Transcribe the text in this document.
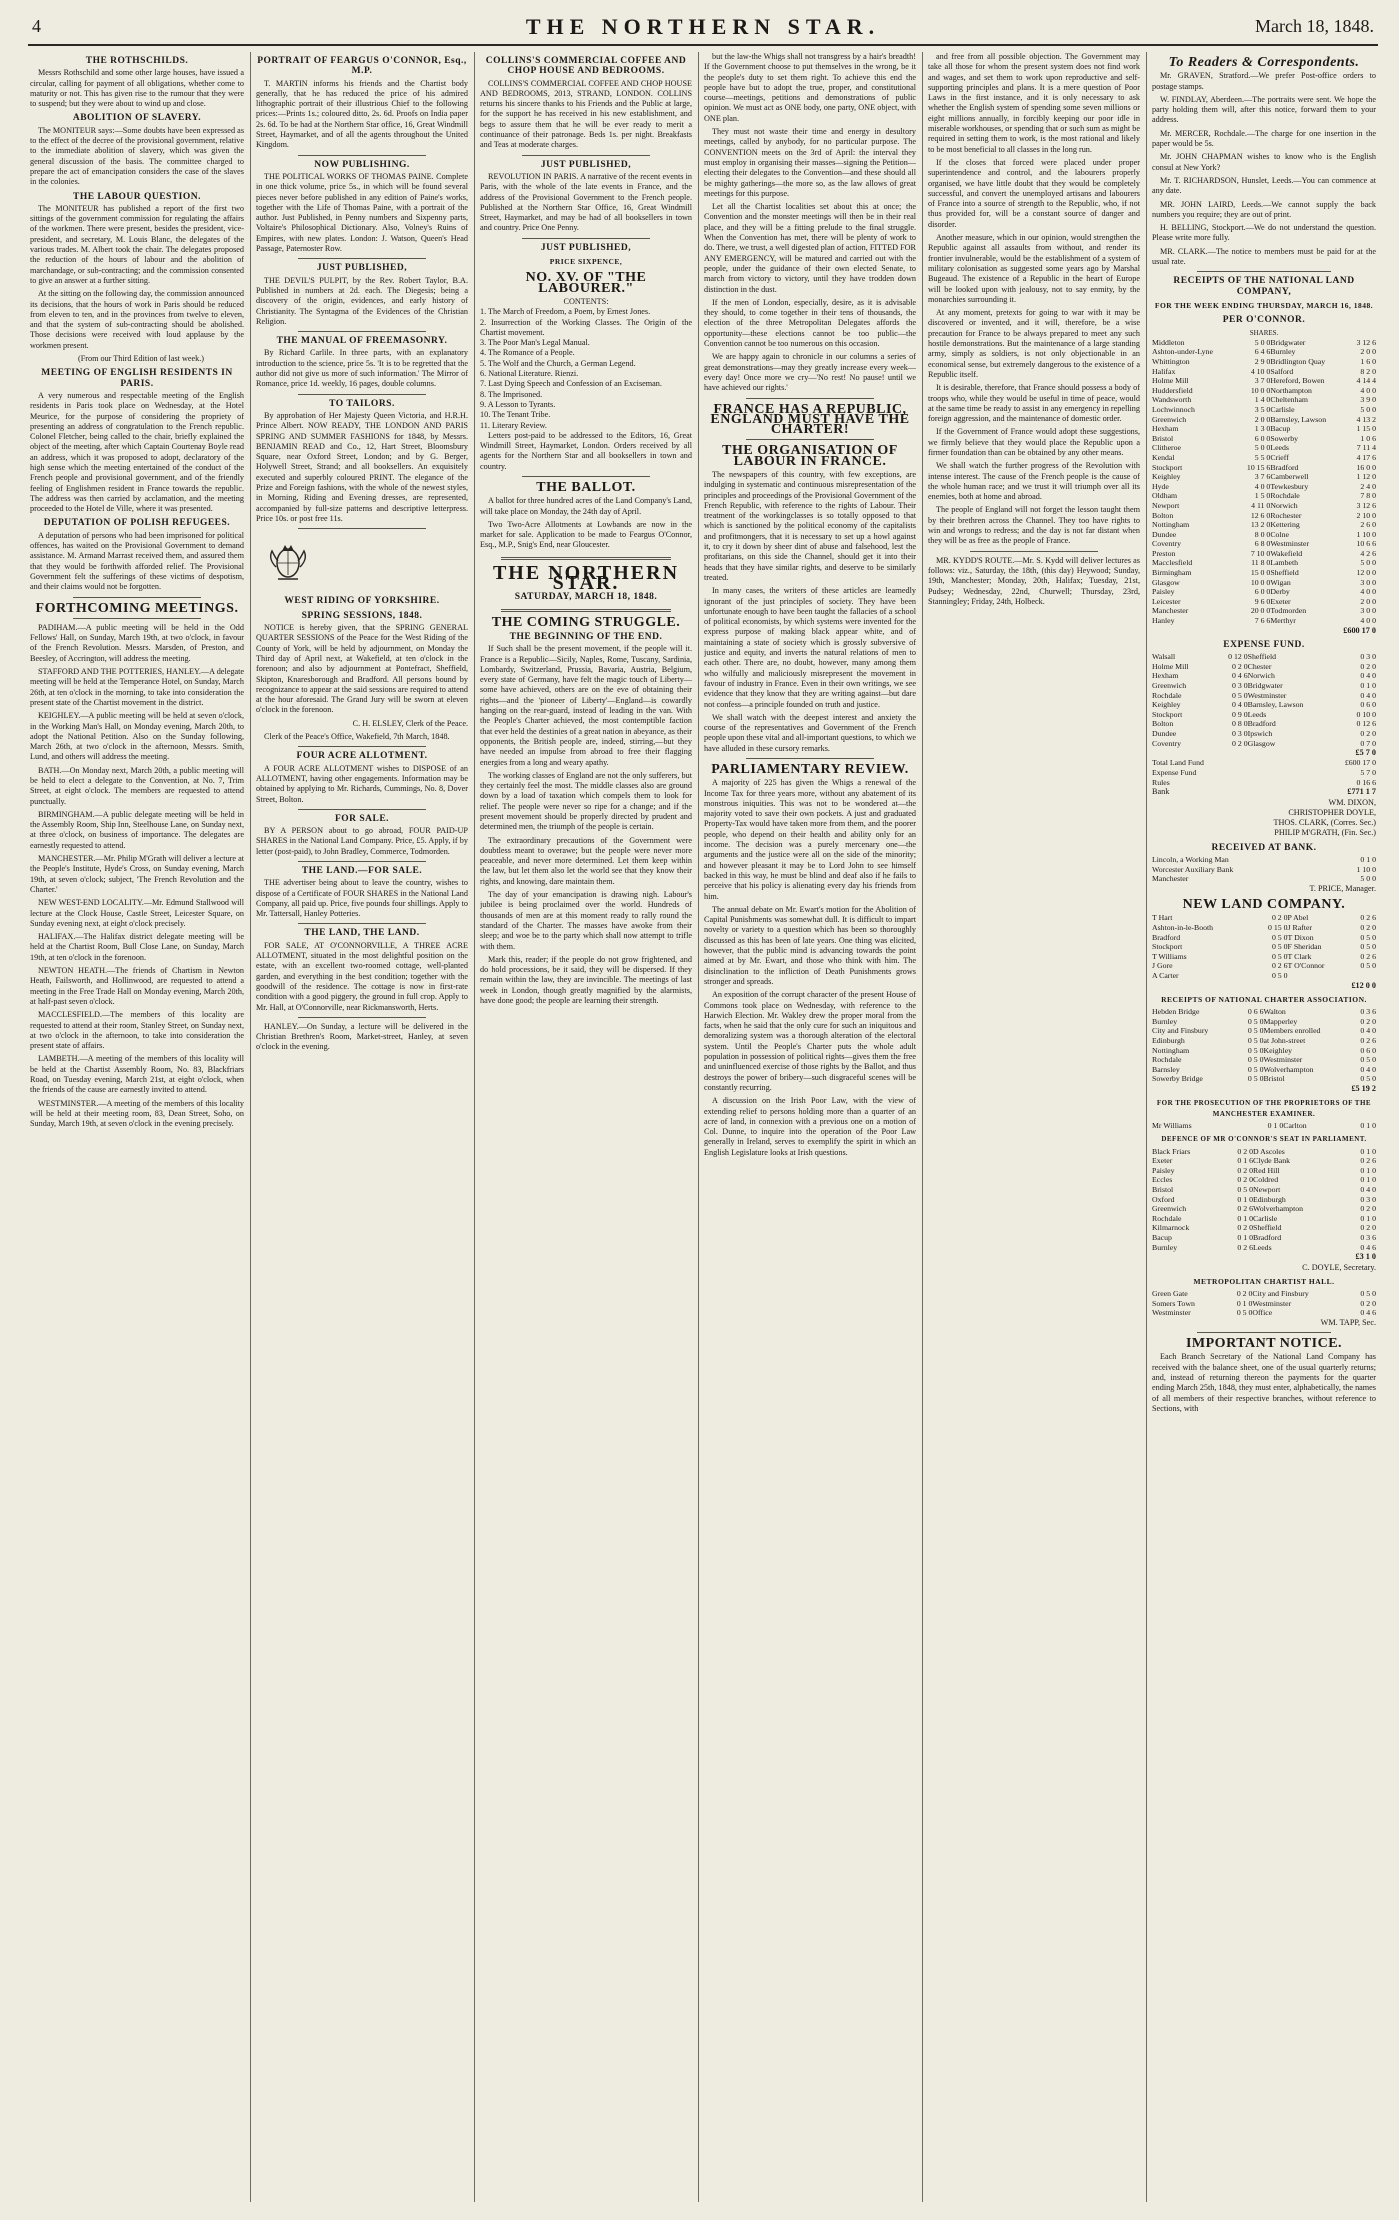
4	THE NORTHERN STAR.	March 18, 1848.
THE ROTHSCHILDS.

Messrs Rothschild and some other large houses, have issued a circular, calling for payment of all obligations, whether come to maturity or not. This has given rise to the rumour that they were to suspend; but they were about to wind up and close.

ABOLITION OF SLAVERY.

The MONITEUR says:—Some doubts have been expressed as to the effect of the decree of the provisional government, relative to the immediate abolition of slavery, which was given the general discussion of the basis. The committee charged to prepare the act of emancipation considers the case of the slaves in the colonies.

THE LABOUR QUESTION.

The MONITEUR has published a report of the first two sittings of the government commission for regulating the affairs of the workmen. There were present, besides the president, vice-president, and secretary, M. Louis Blanc, the delegates of the various trades. M. Albert took the chair. The delegates proposed the reduction of the hours of labour and the abolition of marchandage, or sub-contracting; and the commission consented to give an answer at a further sitting.

At the sitting on the following day, the commission announced its decisions, that the hours of work in Paris should be reduced from eleven to ten, and in the provinces from twelve to eleven, and that the system of sub-contracting should be abolished. Those decisions were received with loud applause by the workmen present.

(From our Third Edition of last week.)

MEETING OF ENGLISH RESIDENTS IN PARIS.

A very numerous and respectable meeting of the English residents in Paris took place on Wednesday, at the Hotel Meurice, for the purpose of considering the propriety of presenting an address of congratulation to the French republic. Colonel Fletcher, being called to the chair, briefly explained the object of the meeting, after which Captain Courtenay Boyle read an address, which it was proposed to adopt, declaratory of the high sense which the meeting entertained of the conduct of the French people and provisional government, and of the friendly feeling of Englishmen resident in France towards the republic. The address was then carried by acclamation, and the meeting proceeded to the Hotel de Ville, where it was presented.

DEPUTATION OF POLISH REFUGEES.

A deputation of persons who had been imprisoned for political offences, has waited on the Provisional Government to demand assistance. M. Armand Marrast received them, and assured them that they would be forthwith afforded relief. The Provisional Government felt the sufferings of these victims of despotism, and their claims would not be forgotten.

FORTHCOMING MEETINGS.

PADIHAM.—A public meeting will be held in the Odd Fellows' Hall, on Sunday, March 19th, at two o'clock, in favour of the French Revolution. Messrs. Marsden, of Preston, and Beesley, of Accrington, will address the meeting.

STAFFORD AND THE POTTERIES, HANLEY.—A delegate meeting will be held at the Temperance Hotel, on Sunday, March 26th, at ten o'clock in the morning, to take into consideration the present state of the Chartist movement in the district.

KEIGHLEY.—A public meeting will be held at seven o'clock, in the Working Man's Hall, on Monday evening, March 20th, to adopt the National Petition. Also on the Sunday following, March 26th, at two o'clock in the afternoon, Messrs. Smith, Lund, and others will address the meeting.

BATH.—On Monday next, March 20th, a public meeting will be held to elect a delegate to the Convention, at No. 7, Trim Street, at eight o'clock. The members are requested to attend punctually.

BIRMINGHAM.—A public delegate meeting will be held in the Assembly Room, Ship Inn, Steelhouse Lane, on Sunday next, at three o'clock, on business of importance. The delegates are earnestly requested to attend.

MANCHESTER.—Mr. Philip M'Grath will deliver a lecture at the People's Institute, Hyde's Cross, on Sunday evening, March 19th, at seven o'clock; subject, 'The French Revolution and the Charter.'

NEW WEST-END LOCALITY.—Mr. Edmund Stallwood will lecture at the Clock House, Castle Street, Leicester Square, on Sunday evening next, at eight o'clock precisely.

HALIFAX.—The Halifax district delegate meeting will be held at the Chartist Room, Bull Close Lane, on Sunday, March 19th, at ten o'clock in the forenoon.

NEWTON HEATH.—The friends of Chartism in Newton Heath, Failsworth, and Hollinwood, are requested to attend a meeting in the Free Trade Hall on Monday evening, March 20th, at half-past seven o'clock.

MACCLESFIELD.—The members of this locality are requested to attend at their room, Stanley Street, on Sunday next, at two o'clock in the afternoon, to take into consideration the present state of affairs.

LAMBETH.—A meeting of the members of this locality will be held at the Chartist Assembly Room, No. 83, Blackfriars Road, on Tuesday evening, March 21st, at eight o'clock, when the friends of the cause are earnestly invited to attend.

WESTMINSTER.—A meeting of the members of this locality will be held at their meeting room, 83, Dean Street, Soho, on Sunday, March 19th, at seven o'clock in the evening precisely.

PORTRAIT OF FEARGUS O'CONNOR, Esq., M.P.

T. MARTIN informs his friends and the Chartist body generally, that he has reduced the price of his admired lithographic portrait of their illustrious Chief to the following prices:—Prints 1s.; coloured ditto, 2s. 6d. Proofs on India paper 2s. 6d. To be had at the Northern Star office, 16, Great Windmill Street, Haymarket, and of all the agents throughout the United Kingdom.

NOW PUBLISHING.

THE POLITICAL WORKS OF THOMAS PAINE. Complete in one thick volume, price 5s., in which will be found several pieces never before published in any edition of Paine's works, together with the Life of Thomas Paine, with a portrait of the author. Just Published, in Penny numbers and Sixpenny parts, Voltaire's Philosophical Dictionary. Also, Volney's Ruins of Empires, with new plates. London: J. Watson, Queen's Head Passage, Paternoster Row.

JUST PUBLISHED,

THE DEVIL'S PULPIT, by the Rev. Robert Taylor, B.A. Published in numbers at 2d. each. The Diegesis; being a discovery of the origin, evidences, and early history of Christianity. The Syntagma of the Evidences of the Christian Religion.

THE MANUAL OF FREEMASONRY.

By Richard Carlile. In three parts, with an explanatory introduction to the science, price 5s. 'It is to be regretted that the author did not give us more of such information.' The Mirror of Romance, price 1d. weekly, 16 pages, double columns.

TO TAILORS.

By approbation of Her Majesty Queen Victoria, and H.R.H. Prince Albert. NOW READY, THE LONDON AND PARIS SPRING AND SUMMER FASHIONS for 1848, by Messrs. BENJAMIN READ and Co., 12, Hart Street, Bloomsbury Square, near Oxford Street, London; and by G. Berger, Holywell Street, Strand; and all booksellers. An exquisitely executed and superbly coloured PRINT. The elegance of the Prize and Foreign fashions, with the whole of the newest styles, in Morning, Riding and Evening dresses, are represented, accompanied by full-size patterns and descriptive letterpress. Price 10s. or post free 11s.

WEST RIDING OF YORKSHIRE.
SPRING SESSIONS, 1848.

NOTICE is hereby given, that the SPRING GENERAL QUARTER SESSIONS of the Peace for the West Riding of the County of York, will be held by adjournment, on Monday the Third day of April next, at Wakefield, at ten o'clock in the forenoon; and also by adjournment at Pontefract, Sheffield, Skipton, Knaresborough and Bradford. All persons bound by recognizance to appear at the said sessions are required to attend at the hour aforesaid. The Grand Jury will be sworn at eleven o'clock in the forenoon.

C. H. ELSLEY, Clerk of the Peace.

Clerk of the Peace's Office, Wakefield, 7th March, 1848.

FOUR ACRE ALLOTMENT.

A FOUR ACRE ALLOTMENT wishes to DISPOSE of an ALLOTMENT, having other engagements. Information may be obtained by applying to Mr. Richards, Cummings, No. 8, Dover Street, Bolton.

FOR SALE.

BY A PERSON about to go abroad, FOUR PAID-UP SHARES in the National Land Company. Price, £5. Apply, if by letter (post-paid), to John Bradley, Commerce, Todmorden.

THE LAND.—FOR SALE.

THE advertiser being about to leave the country, wishes to dispose of a Certificate of FOUR SHARES in the National Land Company, all paid up. Price, five pounds four shillings. Apply to Mr. Tattersall, Hanley Potteries.

THE LAND, THE LAND.

FOR SALE, AT O'CONNORVILLE, A THREE ACRE ALLOTMENT, situated in the most delightful position on the estate, with an excellent two-roomed cottage, well-planted garden, and everything in the best condition; together with the goodwill of the residence. The cottage is now in first-rate condition with a good piggery, the ground in full crop. Apply to Mr. Hall, at O'Connorville, near Rickmansworth, Herts.

HANLEY.—On Sunday, a lecture will be delivered in the Christian Brethren's Room, Market-street, Hanley, at seven o'clock in the evening.

COLLINS'S COMMERCIAL COFFEE AND CHOP HOUSE AND BEDROOMS.

COLLINS'S COMMERCIAL COFFEE AND CHOP HOUSE AND BEDROOMS, 2013, STRAND, LONDON. COLLINS returns his sincere thanks to his Friends and the Public at large, for the support he has received in his new establishment, and begs to assure them that he will be ever ready to merit a continuance of their patronage. Beds 1s. per night. Breakfasts and Teas at moderate charges.

JUST PUBLISHED,

REVOLUTION IN PARIS. A narrative of the recent events in Paris, with the whole of the late events in France, and the address of the Provisional Government to the French people. Published at the Northern Star Office, 16, Great Windmill Street, Haymarket, and may be had of all booksellers in town and country. Price One Penny.

JUST PUBLISHED,
PRICE SIXPENCE,
NO. XV. OF "THE LABOURER."
CONTENTS:
1. The March of Freedom, a Poem, by Ernest Jones.
2. Insurrection of the Working Classes. The Origin of the Chartist movement.
3. The Poor Man's Legal Manual.
4. The Romance of a People.
5. The Wolf and the Church, a German Legend.
6. National Literature. Rienzi.
7. Last Dying Speech and Confession of an Exciseman.
8. The Imprisoned.
9. A Lesson to Tyrants.
10. The Tenant Tribe.
11. Literary Review.

Letters post-paid to be addressed to the Editors, 16, Great Windmill Street, Haymarket, London. Orders received by all agents for the Northern Star and all booksellers in town and country.

THE BALLOT.

A ballot for three hundred acres of the Land Company's Land, will take place on Monday, the 24th day of April.

Two Two-Acre Allotments at Lowbands are now in the market for sale. Application to be made to Feargus O'Connor, Esq., M.P., Snig's End, near Gloucester.

THE NORTHERN STAR.
SATURDAY, MARCH 18, 1848.
THE COMING STRUGGLE.
THE BEGINNING OF THE END.

If Such shall be the present movement, if the people will it. France is a Republic—Sicily, Naples, Rome, Tuscany, Sardinia, Lombardy, Switzerland, Prussia, Bavaria, Austria, Belgium, every state of Germany, have felt the magic touch of Liberty—some have achieved, others are on the eve of obtaining their rights—and the 'pioneer of Liberty'—England—is cowardly hanging on the rear-guard, instead of leading in the van. With the People's Charter achieved, the most contemptible faction that ever held the destinies of a great nation in abeyance, as their opponents, the British people are, indeed, stirring,—but they have needed an impulse from abroad to free their flagging energies from a long and weary apathy.

The working classes of England are not the only sufferers, but they certainly feel the most. The middle classes also are ground down by a load of taxation which compels them to look for relief. The people were never so ripe for a change; and if the present movement should be properly directed by prudent and determined men, the triumph of the people is certain.

The extraordinary precautions of the Government were doubtless meant to overawe; but the people were never more peaceable, and never more determined. Let them keep within the law, but let them also let the world see that they know their rights, and knowing, dare maintain them.

The day of your emancipation is drawing nigh. Labour's jubilee is being proclaimed over the world. Hundreds of thousands of men are at this moment ready to rally round the standard of the Charter. The masses have awoke from their sleep; and woe be to the party which shall now attempt to trifle with them.

Mark this, reader; if the people do not grow frightened, and do hold processions, be it said, they will be dispersed. If they remain within the law, they are invincible. The meetings of last week in London, though greatly magnified by the alarmists, have done good; the people are learning their strength.

but the law-the Whigs shall not transgress by a hair's breadth! If the Government choose to put themselves in the wrong, be it the people's duty to set them right. To achieve this end the people have but to adopt the true, proper, and constitutional course—meetings, petitions and demonstrations of public opinion. We must act as ONE body, one party, ONE object, with ONE plan.

They must not waste their time and energy in desultory meetings, called by anybody, for no particular purpose. The CONVENTION meets on the 3rd of April: the interval they must employ in organising their masses—signing the Petition—electing their delegates to the Convention—and these should all be mighty gatherings—the more so, as the law allows of great meetings for this purpose.

Let all the Chartist localities set about this at once; the Convention and the monster meetings will then be in their real place, and they will be a fitting prelude to the final struggle. When the Convention has met, there will be plenty of work to do. There, we trust, a well digested plan of action, FITTED FOR ANY EMERGENCY, will be matured and carried out with the people, under the guidance of their own elected Senate, to march from victory to victory, until they have trodden down distinction in the dust.

If the men of London, especially, desire, as it is advisable they should, to come together in their tens of thousands, the election of the three Metropolitan Delegates affords the opportunity—these elections cannot be too public—the Convention cannot be too numerous on this occasion.

We are happy again to chronicle in our columns a series of great demonstrations—may they greatly increase every week—every day! Once more we cry—'No rest! No pause! until we have achieved our rights.'

FRANCE HAS A REPUBLIC, ENGLAND MUST HAVE THE CHARTER!
THE ORGANISATION OF LABOUR IN FRANCE.

The newspapers of this country, with few exceptions, are indulging in systematic and continuous misrepresentation of the principles and proceedings of the Provisional Government of the French Republic, with reference to the rights of Labour. Their treatment of the workingclasses is so totally opposed to that which is sanctioned by the political economy of the capitalists and profitmongers, that it is necessary to set up a howl against it, to cry it down by sheer dint of abuse and falsehood, lest the profitarians, on this side the Channel, should get it into their heads that they have similar rights, and deserve to be similarly treated.

In many cases, the writers of these articles are learnedly ignorant of the just principles of society. They have been unfortunate enough to have been taught the fallacies of a school of political economists, by which systems were invented for the express purpose of making black appear white, and of maintaining a state of society which is grossly subversive of justice and equity, and inverts the natural relations of men to each other. There are, no doubt, however, many among them who wilfully and maliciously misrepresent the movement in favour of industry in France. Even in their own writings, we see evidence that they know that they are writing against—but dare not confess—a principle founded on truth and justice.

We shall watch with the deepest interest and anxiety the course of the representatives and Government of the French people upon these vital and all-important questions, to which we have alluded in these cursory remarks.

PARLIAMENTARY REVIEW.

A majority of 225 has given the Whigs a renewal of the Income Tax for three years more, without any abatement of its monstrous iniquities. This was not to be wondered at—the majority voted to save their own pockets. A just and graduated Property-Tax would have taken more from them, and the poorer people, who depend on their health and ability only for an income. The decision was a purely mercenary one—the arguments and the justice were all on the side of the minority; and however pleasant it may be to Lord John to see himself backed in this way, he must be blind and deaf also if he fails to perceive that his policy is alienating every day his friends from him.

The annual debate on Mr. Ewart's motion for the Abolition of Capital Punishments was somewhat dull. It is difficult to impart novelty or variety to a question which has been so thoroughly discussed as this has been of late years. One thing was elicited, however, that the public mind is advancing towards the point aimed at by Mr. Ewart, and those who think with him. The disinclination to the infliction of Death Punishments grows stronger and spreads.

An exposition of the corrupt character of the present House of Commons took place on Wednesday, with reference to the Harwich Election. Mr. Wakley drew the proper moral from the facts, when he said that the only cure for such an iniquitous and demoralizing system was a thorough alteration of the electoral system. Until the People's Charter puts the whole adult population in possession of political rights—gives them the free and uninfluenced exercise of those rights by the Ballot, and thus destroys the power of bribery—such disgraceful scenes will be constantly recurring.

A discussion on the Irish Poor Law, with the view of extending relief to persons holding more than a quarter of an acre of land, in connexion with a previous one on a motion of Col. Dunne, to inquire into the operation of the Poor Law generally in Ireland, serves to exemplify the spirit in which an English Legislature looks at Irish questions.

and free from all possible objection. The Government may take all those for whom the present system does not find work and wages, and set them to work upon reproductive and self-supporting principles and plans. It is a mere question of Poor Laws in the first instance, and it is only necessary to ask whether the English system of spending some seven millions or eight millions annually, in forcibly keeping our poor idle in miserable workhouses, or spending that or such sum as might be required in setting them to work, is the most rational and likely to be most beneficial to all classes in the long run.

If the closes that forced were placed under proper superintendence and control, and the labourers properly organised, we have little doubt that they would be completely successful, and convert the unemployed artisans and labourers of France into a source of strength to the Republic, who, if not thus provided for, will be a constant source of danger and disorder.

Another measure, which in our opinion, would strengthen the Republic against all assaults from without, and render its frontier invulnerable, would be the establishment of a system of military colonisation as suggested some years ago by Marshal Bugeaud. The existence of a Republic in the heart of Europe will be looked upon with jealousy, not to say enmity, by the monarchies surrounding it.

At any moment, pretexts for going to war with it may be discovered or invented, and it will, therefore, be a wise precaution for France to be always prepared to meet any such hostile demonstrations. But the maintenance of a large standing army, simply as soldiers, is not only objectionable in an economical sense, but extremely dangerous to the existence of a Republic itself.

It is desirable, therefore, that France should possess a body of troops who, while they would be useful in time of peace, would at the same time be ready to assist in any emergency in repelling foreign aggression, and the maintenance of domestic order.

If the Government of France would adopt these suggestions, we firmly believe that they would place the Republic upon a firmer foundation than can be obtained by any other means.

We shall watch the further progress of the Revolution with intense interest. The cause of the French people is the cause of the whole human race; and we trust it will triumph over all its enemies, both at home and abroad.

The people of England will not forget the lesson taught them by their brethren across the Channel. They too have rights to win and wrongs to redress; and the day is not far distant when they will be as free as the people of France.

MR. KYDD'S ROUTE.—Mr. S. Kydd will deliver lectures as follows: viz., Saturday, the 18th, (this day) Heywood; Sunday, 19th, Manchester; Monday, 20th, Halifax; Tuesday, 21st, Pudsey; Wednesday, 22nd, Churwell; Thursday, 23rd, Stanningley; Friday, 24th, Holbeck.

To Readers & Correspondents.

Mr. GRAVEN, Stratford.—We prefer Post-office orders to postage stamps.

W. FINDLAY, Aberdeen.—The portraits were sent. We hope the party holding them will, after this notice, forward them to your address.

Mr. MERCER, Rochdale.—The charge for one insertion in the paper would be 5s.

Mr. JOHN CHAPMAN wishes to know who is the English consul at New York?

Mr. T. RICHARDSON, Hunslet, Leeds.—You can commence at any date.

MR. JOHN LAIRD, Leeds.—We cannot supply the back numbers you require; they are out of print.

H. BELLING, Stockport.—We do not understand the question. Please write more fully.

MR. CLARK.—The notice to members must be paid for at the usual rate.

RECEIPTS OF THE NATIONAL LAND COMPANY,
FOR THE WEEK ENDING THURSDAY, MARCH 16, 1848.
PER O'CONNOR.
SHARES.
Middleton	5 0 0	Bridgwater	3 12 6
Ashton-under-Lyne	6 4 6	Burnley	2 0 0
Whittington	2 9 0	Bridlington Quay	1 6 0
Halifax	4 10 0	Salford	8 2 0
Holme Mill	3 7 0	Hereford, Bowen	4 14 4
Huddersfield	10 0 0	Northampton	4 0 0
Wandsworth	1 4 0	Cheltenham	3 9 0
Lochwinnoch	3 5 0	Carlisle	5 0 0
Greenwich	2 0 0	Barnsley, Lawson	4 13 2
Hexham	1 3 0	Bacup	1 15 0
Bristol	6 0 0	Sowerby	1 0 6
Clitheroe	5 0 0	Leeds	7 11 4
Kendal	5 5 0	Crieff	4 17 6
Stockport	10 15 6	Bradford	16 0 0
Keighley	3 7 6	Camberwell	1 12 0
Hyde	4 0 0	Tewkesbury	2 4 0
Oldham	1 5 0	Rochdale	7 8 0
Newport	4 11 0	Norwich	3 12 6
Bolton	12 6 0	Rochester	2 10 0
Nottingham	13 2 0	Kettering	2 6 0
Dundee	8 0 0	Colne	1 10 0
Coventry	6 8 0	Westminster	10 6 6
Preston	7 10 0	Wakefield	4 2 6
Macclesfield	11 8 0	Lambeth	5 0 0
Birmingham	15 0 0	Sheffield	12 0 0
Glasgow	10 0 0	Wigan	3 0 0
Paisley	6 0 0	Derby	4 0 0
Leicester	9 6 0	Exeter	2 0 0
Manchester	20 0 0	Todmorden	3 0 0
Hanley	7 6 6	Merthyr	4 0 0
£600 17 0
EXPENSE FUND.
Walsall	0 12 0	Sheffield	0 3 0
Holme Mill	0 2 0	Chester	0 2 0
Hexham	0 4 6	Norwich	0 4 0
Greenwich	0 3 0	Bridgwater	0 1 0
Rochdale	0 5 0	Westminster	0 4 0
Keighley	0 4 0	Barnsley, Lawson	0 6 0
Stockport	0 9 0	Leeds	0 10 0
Bolton	0 8 0	Bradford	0 12 6
Dundee	0 3 0	Ipswich	0 2 0
Coventry	0 2 0	Glasgow	0 7 0
£5 7 0
Total Land Fund	£600 17 0
Expense Fund	5 7 0
Rules	0 16 6
Bank	£771 1 7
WM. DIXON,
CHRISTOPHER DOYLE,
THOS. CLARK, (Corres. Sec.)
PHILIP M'GRATH, (Fin. Sec.)
RECEIVED AT BANK.
Lincoln, a Working Man	0 1 0
Worcester Auxiliary Bank	1 10 0
Manchester	5 0 0
T. PRICE, Manager.
NEW LAND COMPANY.
T Hart	0 2 0	P Abel	0 2 6
Ashton-in-le-Booth	0 15 0	J Rafter	0 2 0
Bradford	0 5 0	T Dixon	0 5 0
Stockport	0 5 0	F Sheridan	0 5 0
T Williams	0 5 0	T Clark	0 2 6
J Gore	0 2 6	T O'Connor	0 5 0
A Carter	0 5 0		
£12 0 0
RECEIPTS OF NATIONAL CHARTER ASSOCIATION.
Hebden Bridge	0 6 6	Walton	0 3 6
Burnley	0 5 0	Mapperley	0 2 0
City and Finsbury	0 5 0	Members enrolled	0 4 0
Edinburgh	0 5 0	at John-street	0 2 6
Nottingham	0 5 0	Keighley	0 6 0
Rochdale	0 5 0	Westminster	0 5 0
Barnsley	0 5 0	Wolverhampton	0 4 0
Sowerby Bridge	0 5 0	Bristol	0 5 0
£5 19 2
FOR THE PROSECUTION OF THE PROPRIETORS OF THE MANCHESTER EXAMINER.
Mr Williams	0 1 0	Carlton	0 1 0
DEFENCE OF MR O'CONNOR'S SEAT IN PARLIAMENT.
Black Friars	0 2 0	D Ascoles	0 1 0
Exeter	0 1 6	Clyde Bank	0 2 6
Paisley	0 2 0	Red Hill	0 1 0
Eccles	0 2 0	Coldred	0 1 0
Bristol	0 5 0	Newport	0 4 0
Oxford	0 1 0	Edinburgh	0 3 0
Greenwich	0 2 6	Wolverhampton	0 2 0
Rochdale	0 1 0	Carlisle	0 1 0
Kilmarnock	0 2 0	Sheffield	0 2 0
Bacup	0 1 0	Bradford	0 3 6
Burnley	0 2 6	Leeds	0 4 6
£3 1 0
C. DOYLE, Secretary.
METROPOLITAN CHARTIST HALL.
Green Gate	0 2 0	City and Finsbury	0 5 0
Somers Town	0 1 0	Westminster	0 2 0
Westminster	0 5 0	Office	0 4 6
WM. TAPP, Sec.
IMPORTANT NOTICE.

Each Branch Secretary of the National Land Company has received with the balance sheet, one of the usual quarterly returns; and, instead of returning thereon the payments for the quarter ending March 25th, 1848, they must enter, alphabetically, the names of all members of their respective branches, without reference to Sections, with
